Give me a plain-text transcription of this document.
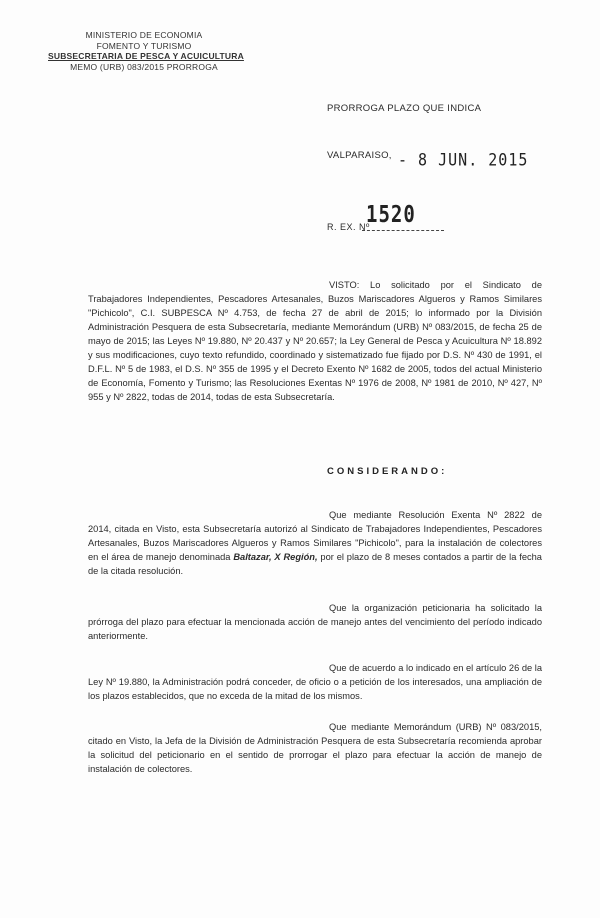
MINISTERIO DE ECONOMIA
FOMENTO Y TURISMO
SUBSECRETARIA DE PESCA Y ACUICULTURA
MEMO (URB) 083/2015 PRORROGA
PRORROGA PLAZO QUE INDICA
VALPARAISO, - 8 JUN. 2015
R. EX. Nº
1520

VISTO: Lo solicitado por el Sindicato de Trabajadores Independientes, Pescadores Artesanales, Buzos Mariscadores Algueros y Ramos Similares "Pichicolo", C.I. SUBPESCA Nº 4.753, de fecha 27 de abril de 2015; lo informado por la División Administración Pesquera de esta Subsecretaría, mediante Memorándum (URB) Nº 083/2015, de fecha 25 de mayo de 2015; las Leyes Nº 19.880, Nº 20.437 y Nº 20.657; la Ley General de Pesca y Acuicultura Nº 18.892 y sus modificaciones, cuyo texto refundido, coordinado y sistematizado fue fijado por D.S. Nº 430 de 1991, el D.F.L. Nº 5 de 1983, el D.S. Nº 355 de 1995 y el Decreto Exento Nº 1682 de 2005, todos del actual Ministerio de Economía, Fomento y Turismo; las Resoluciones Exentas Nº 1976 de 2008, Nº 1981 de 2010, Nº 427, Nº 955 y Nº 2822, todas de 2014, todas de esta Subsecretaría.

CONSIDERANDO:

Que mediante Resolución Exenta Nº 2822 de 2014, citada en Visto, esta Subsecretaría autorizó al Sindicato de Trabajadores Independientes, Pescadores Artesanales, Buzos Mariscadores Algueros y Ramos Similares "Pichicolo", para la instalación de colectores en el área de manejo denominada Baltazar, X Región, por el plazo de 8 meses contados a partir de la fecha de la citada resolución.

Que la organización peticionaria ha solicitado la prórroga del plazo para efectuar la mencionada acción de manejo antes del vencimiento del período indicado anteriormente.

Que de acuerdo a lo indicado en el artículo 26 de la Ley Nº 19.880, la Administración podrá conceder, de oficio o a petición de los interesados, una ampliación de los plazos establecidos, que no exceda de la mitad de los mismos.

Que mediante Memorándum (URB) Nº 083/2015, citado en Visto, la Jefa de la División de Administración Pesquera de esta Subsecretaría recomienda aprobar la solicitud del peticionario en el sentido de prorrogar el plazo para efectuar la acción de manejo de instalación de colectores.
